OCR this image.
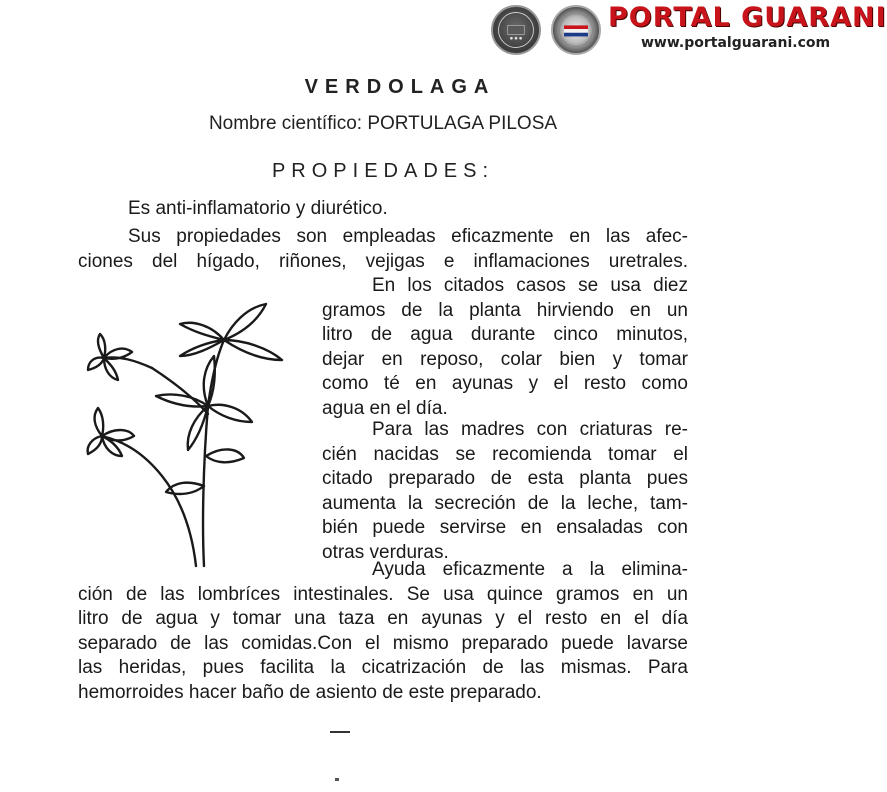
PORTAL GUARANI
www.portalguarani.com
VERDOLAGA
Nombre científico: PORTULAGA PILOSA
PROPIEDADES:
Es anti-inflamatorio y diurético.
Sus propiedades son empleadas eficazmente en las afec-
ciones del hígado, riñones, vejigas e inflamaciones uretrales.
En los citados casos se usa diez
gramos de la planta hirviendo en un
litro de agua durante cinco minutos,
dejar en reposo, colar bien y tomar
como té en ayunas y el resto como
agua en el día.
Para las madres con criaturas re-
cién nacidas se recomienda tomar el
citado preparado de esta planta pues
aumenta la secreción de la leche, tam-
bién puede servirse en ensaladas con
otras verduras.
Ayuda eficazmente a la elimina-
ción de las lombríces intestinales. Se usa quince gramos en un
litro de agua y tomar una taza en ayunas y el resto en el día
separado de las comidas.Con el mismo preparado puede lavarse
las heridas, pues facilita la cicatrización de las mismas. Para
hemorroides hacer baño de asiento de este preparado.
